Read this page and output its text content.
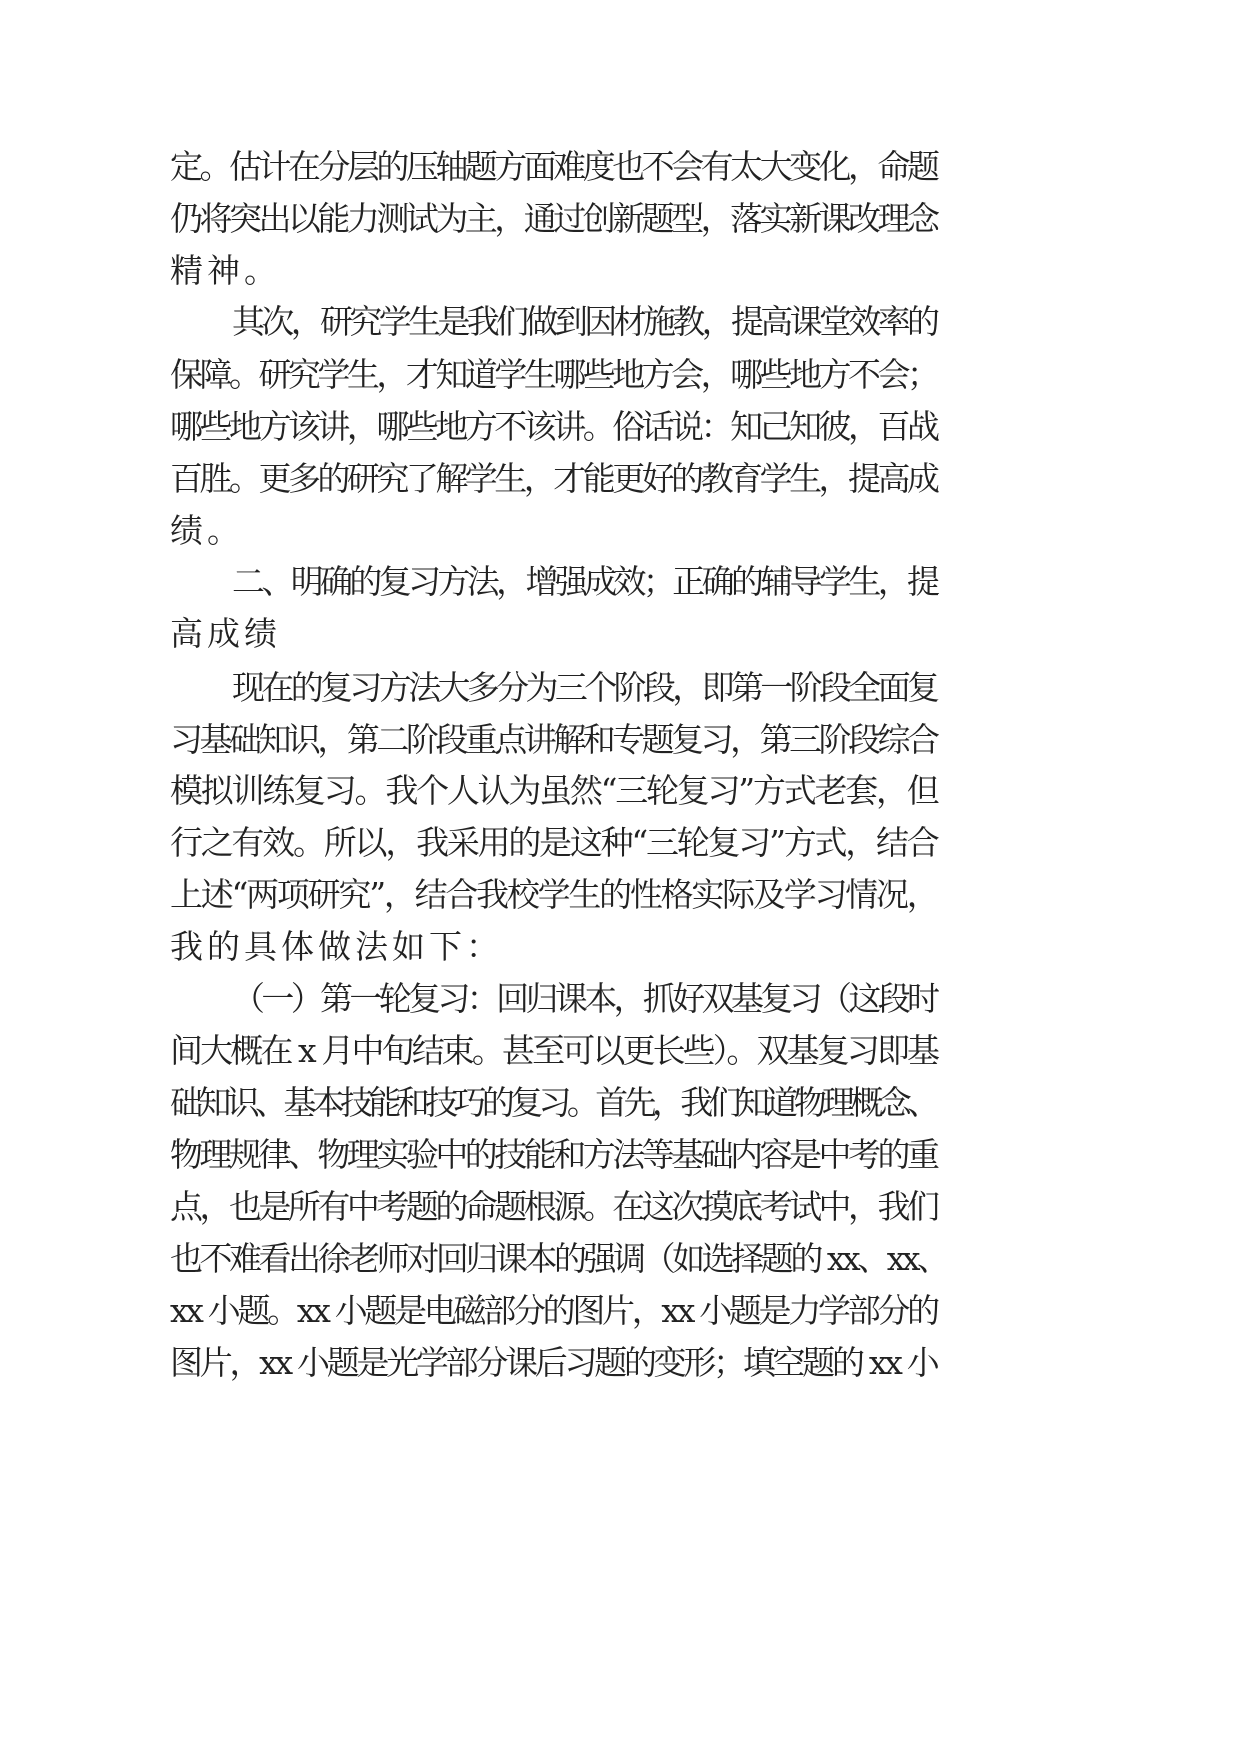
定。估计在分层的压轴题方面难度也不会有太大变化，命题

仍将突出以能力测试为主，通过创新题型，落实新课改理念

精神。

其次，研究学生是我们做到因材施教，提高课堂效率的

保障。研究学生，才知道学生哪些地方会，哪些地方不会；

哪些地方该讲，哪些地方不该讲。俗话说：知己知彼，百战

百胜。更多的研究了解学生，才能更好的教育学生，提高成

绩。

二、明确的复习方法，增强成效；正确的辅导学生，提

高成绩

现在的复习方法大多分为三个阶段，即第一阶段全面复

习基础知识，第二阶段重点讲解和专题复习，第三阶段综合

模拟训练复习。我个人认为虽然“三轮复习”方式老套，但

行之有效。所以，我采用的是这种“三轮复习”方式，结合

上述“两项研究”，结合我校学生的性格实际及学习情况，

我的具体做法如下：

（一）第一轮复习：回归课本，抓好双基复习（这段时

间大概在 x 月中旬结束。甚至可以更长些）。双基复习即基

础知识、基本技能和技巧的复习。首先，我们知道物理概念、

物理规律、物理实验中的技能和方法等基础内容是中考的重

点，也是所有中考题的命题根源。在这次摸底考试中，我们

也不难看出徐老师对回归课本的强调（如选择题的 xx、xx、

xx 小题。xx 小题是电磁部分的图片，xx 小题是力学部分的

图片，xx 小题是光学部分课后习题的变形；填空题的 xx 小
